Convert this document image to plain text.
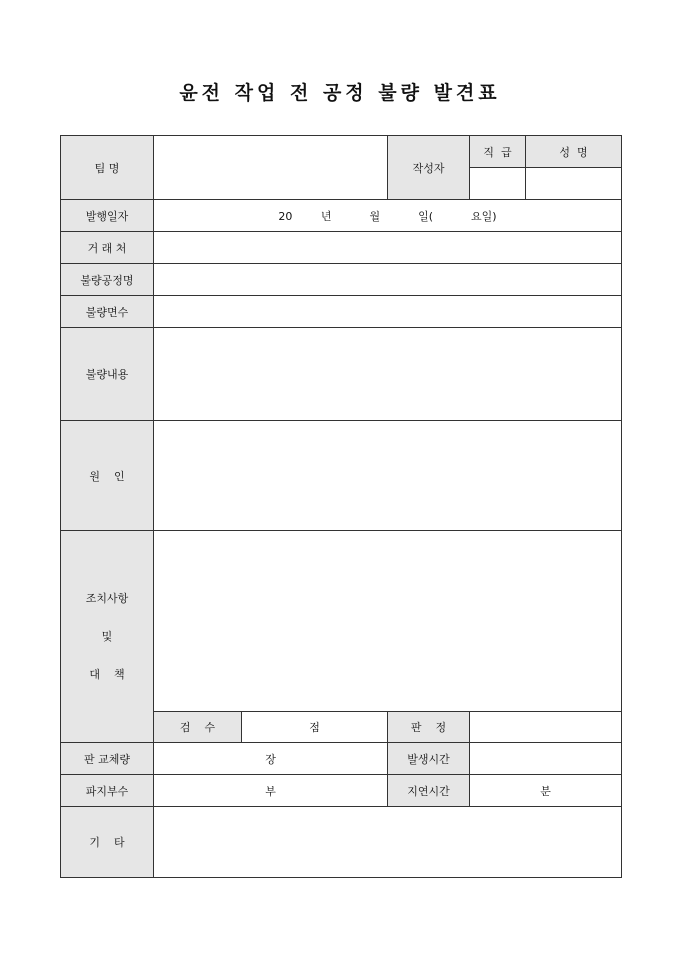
윤전 작업 전 공정 불량 발견표
팀 명			작성자	직  급	성  명

발행일자	20   년    월    일(    요일)				
거 래 처					
불량공정명					
불량면수					
불량내용					
원    인					

조치사항
및
대    책					

	검    수	점	판    정		
판 교체량	장		발생시간		
파지부수	부		지연시간	분	
기    타					
